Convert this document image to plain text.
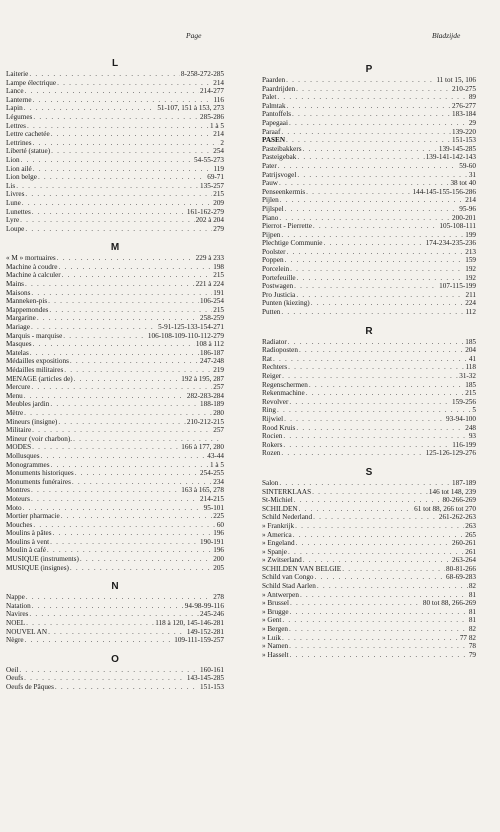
Page	Bladzijde
L
Laiterie . . .	8-258-272-285
Lampe électrique . . .	214
Lance . . .	214-277
Lanterne . . .	116
Lapin . . .	51-107, 151 à 153, 273
Légumes . . .	285-286
Lettres . . .	1 à 5
Lettre cachetée . . .	214
Lettrines . . .	2
Liberté (statue) . . .	254
Lion . . .	54-55-273
Lion ailé . . .	119
Lion belge . . .	69-71
Lis . . .	135-257
Livres . . .	215
Lune . . .	209
Lunettes . . .	161-162-279
Lyre . . .	202 à 204
Loupe . . .	279
M
« M » mortuaires . . .	229 à 233
Machine à coudre . . .	198
Machine à calculer . . .	215
Mains . . .	221 à 224
Maisons . . .	191
Manneken-pis . . .	106-254
Mappemondes . . .	215
Margarine . . .	258-259
Mariage . . .	5-91-125-133-154-271
Marquis - marquise . . .	106-108-109-110-112-279
Masques . . .	108 à 112
Matelas . . .	186-187
Médailles expositions . . .	247-248
Médailles militaires . . .	219
MENAGE (articles de) . . .	192 à 195, 287
Mercure . . .	257
Menu . . .	282-283-284
Meubles jardin . . .	188-189
Mètre . . .	280
Mineurs (insigne) . . .	210-212-215
Militaire . . .	257
Mineur (voir charbon).
. . .
MODES . . .	166 à 177, 280
Mollusques . . .	43-44
Monogrammes . . .	1 à 5
Monuments historiques . . .	254-255
Monuments funéraires . . .	234
Montres . . .	163 à 165, 278
Moteurs . . .	214-215
Moto . . .	95-101
Mortier pharmacie . . .	225
Mouches . . .	60
Moulins à pâtes . . .	196
Moulins à vent . . .	190-191
Moulin à café . . .	196
MUSIQUE (instruments) . . .	200
MUSIQUE (insignes) . . .	205
N
Nappe . . .	278
Natation . . .	94-98-99-116
Navires . . .	245-246
NOEL . . .	118 à 120, 145-146-281
NOUVEL AN . . .	149-152-281
Nègre . . .	109-111-159-257
O
Oeil . . .	160-161
Oeufs . . .	143-145-285
Oeufs de Pâques . . .	151-153
P
Paarden . . .	11 tot 15, 106
Paardrijden . . .	210-275
Palet . . .	89
Palmtak . . .	276-277
Pantoffels . . .	183-184
Papegaai . . .	29
Paraaf . . .	139-220
PASEN . . .	151-153
Pasteibakkers . . .	139-145-285
Pasteigebak . . .	139-141-142-143
Pater . . .	59-60
Patrijsvogel . . .	31
Pauw . . .	38 tot 40
Penseenkermis . . .	144-145-155-156-286
Pijlen . . .	214
Pijlspel . . .	95-96
Piano . . .	200-201
Pierrot - Pierrette . . .	105-108-111
Pijpen . . .	199
Plechtige Communie . . .	174-234-235-236
Poolster . . .	213
Poppen . . .	159
Porcelein . . .	192
Portefeuille . . .	192
Postwagen . . .	107-115-199
Pro Justicia . . .	211
Punten (kiezing) . . .	224
Putten . . .	112
R
Radiator . . .	185
Radioposten . . .	204
Rat . . .	41
Rechters . . .	118
Reiger . . .	31-32
Regenschermen . . .	185
Rekenmachine . . .	215
Revolver . . .	159-256
Ring . . .	5
Rijwiel . . .	93-94-100
Rood Kruis . . .	248
Rocien . . .	93
Rokers . . .	116-199
Rozen . . .	125-126-129-276
S
Salon . . .	187-189
SINTERKLAAS . . .	146 tot 148, 239
St-Michiel . . .	80-266-269
SCHILDEN . . .	61 tot 88, 266 tot 270
Schild Nederland . . .	261-262-263
» Frankrijk . . .	263
» America . . .	265
» Engeland . . .	260-261
» Spanje . . .	261
» Zwitserland . . .	263-264
SCHILDEN VAN BELGIE . . .	80-81-266
Schild van Congo . . .	68-69-283
Schild Stad Aarlen . . .	82
» Antwerpen . . .	81
» Brussel . . .	80 tot 88, 266-269
» Brugge . . .	81
» Gent . . .	81
» Bergen . . .	82
» Luik . . .	77 82
» Namen . . .	78
» Hasselt . . .	79
